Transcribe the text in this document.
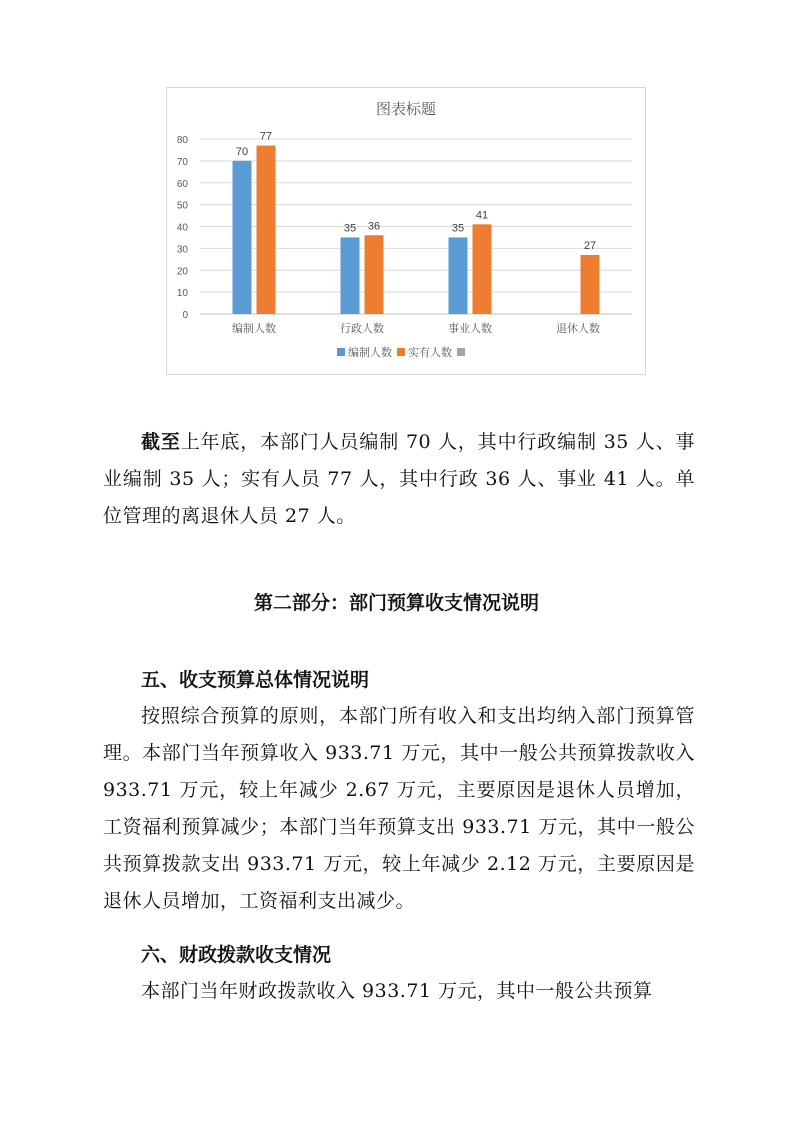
图表标题
0
10
20
30
40
50
60
70
80
编制人数
70
77
行政人数
35 36
事业人数
35
41
退休人数
27
编制人数 实有人数

截至上年底，本部门人员编制 70 人，其中行政编制 35 人、事业编制 35 人；实有人员 77 人，其中行政 36 人、事业 41 人。单位管理的离退休人员 27 人。

第二部分：部门预算收支情况说明
五、收支预算总体情况说明

按照综合预算的原则，本部门所有收入和支出均纳入部门预算管理。本部门当年预算收入 933.71 万元，其中一般公共预算拨款收入 933.71 万元，较上年减少 2.67 万元，主要原因是退休人员增加，工资福利预算减少；本部门当年预算支出 933.71 万元，其中一般公共预算拨款支出 933.71 万元，较上年减少 2.12 万元，主要原因是退休人员增加，工资福利支出减少。

六、财政拨款收支情况

本部门当年财政拨款收入 933.71 万元，其中一般公共预算
